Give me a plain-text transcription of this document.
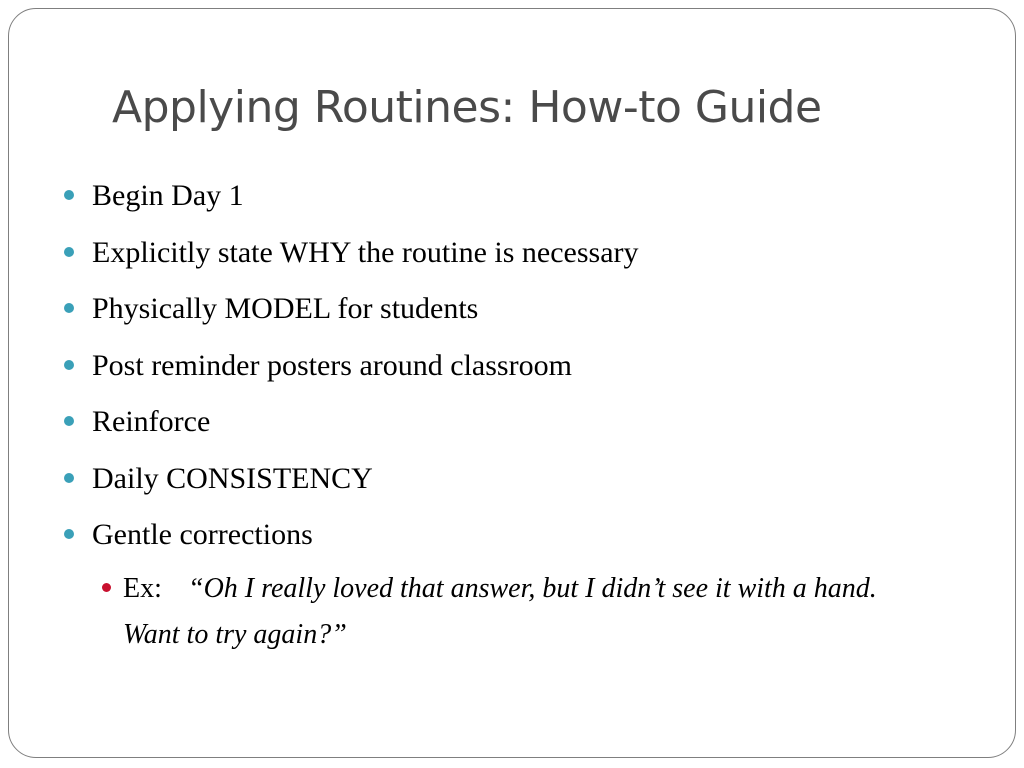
Applying Routines: How-to Guide
Begin Day 1
Explicitly state WHY the routine is necessary
Physically MODEL for students
Post reminder posters around classroom
Reinforce
Daily CONSISTENCY
Gentle corrections
Ex: “Oh I really loved that answer, but I didn’t see it with a hand.
Want to try again?”
